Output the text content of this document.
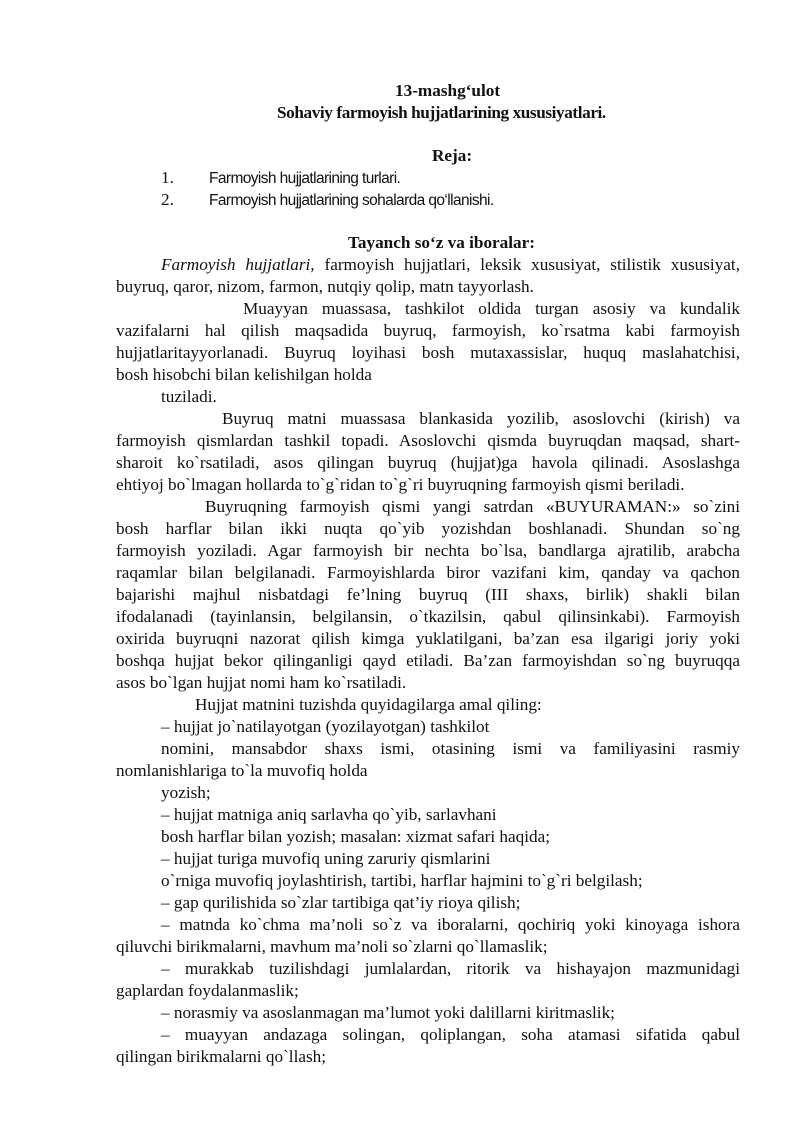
13-mashg‘ulot
Sohaviy farmoyish hujjatlarining xususiyatlari.
Reja:
1. Farmoyish hujjatlarining turlari.
2. Farmoyish hujjatlarining sohalarda qo‘llanishi.
Tayanch so‘z va iboralar:
Farmoyish hujjatlari, farmoyish hujjatlari, leksik xususiyat, stilistik xususiyat,
buyruq, qaror, nizom, farmon, nutqiy qolip, matn tayyorlash.
Muayyan muassasa, tashkilot oldida turgan asosiy va kundalik
vazifalarni hal qilish maqsadida buyruq, farmoyish, ko`rsatma kabi farmoyish
hujjatlaritayyorlanadi. Buyruq loyihasi bosh mutaxassislar, huquq maslahatchisi,
bosh hisobchi bilan kelishilgan holda
tuziladi.
Buyruq matni muassasa blankasida yozilib, asoslovchi (kirish) va
farmoyish qismlardan tashkil topadi. Asoslovchi qismda buyruqdan maqsad, shart-
sharoit ko`rsatiladi, asos qilingan buyruq (hujjat)ga havola qilinadi. Asoslashga
ehtiyoj bo`lmagan hollarda to`g`ridan to`g`ri buyruqning farmoyish qismi beriladi.
Buyruqning farmoyish qismi yangi satrdan «BUYURAMAN:» so`zini
bosh harflar bilan ikki nuqta qo`yib yozishdan boshlanadi. Shundan so`ng
farmoyish yoziladi. Agar farmoyish bir nechta bo`lsa, bandlarga ajratilib, arabcha
raqamlar bilan belgilanadi. Farmoyishlarda biror vazifani kim, qanday va qachon
bajarishi majhul nisbatdagi fe’lning buyruq (III shaxs, birlik) shakli bilan
ifodalanadi (tayinlansin, belgilansin, o`tkazilsin, qabul qilinsinkabi). Farmoyish
oxirida buyruqni nazorat qilish kimga yuklatilgani, ba’zan esa ilgarigi joriy yoki
boshqa hujjat bekor qilinganligi qayd etiladi. Ba’zan farmoyishdan so`ng buyruqqa
asos bo`lgan hujjat nomi ham ko`rsatiladi.
Hujjat matnini tuzishda quyidagilarga amal qiling:
– hujjat jo`natilayotgan (yozilayotgan) tashkilot
nomini, mansabdor shaxs ismi, otasining ismi va familiyasini rasmiy
nomlanishlariga to`la muvofiq holda
yozish;
– hujjat matniga aniq sarlavha qo`yib, sarlavhani
bosh harflar bilan yozish; masalan: xizmat safari haqida;
– hujjat turiga muvofiq uning zaruriy qismlarini
o`rniga muvofiq joylashtirish, tartibi, harflar hajmini to`g`ri belgilash;
– gap qurilishida so`zlar tartibiga qat’iy rioya qilish;
– matnda ko`chma ma’noli so`z va iboralarni, qochiriq yoki kinoyaga ishora
qiluvchi birikmalarni, mavhum ma’noli so`zlarni qo`llamaslik;
– murakkab tuzilishdagi jumlalardan, ritorik va hishayajon mazmunidagi
gaplardan foydalanmaslik;
– norasmiy va asoslanmagan ma’lumot yoki dalillarni kiritmaslik;
– muayyan andazaga solingan, qoliplangan, soha atamasi sifatida qabul
qilingan birikmalarni qo`llash;
